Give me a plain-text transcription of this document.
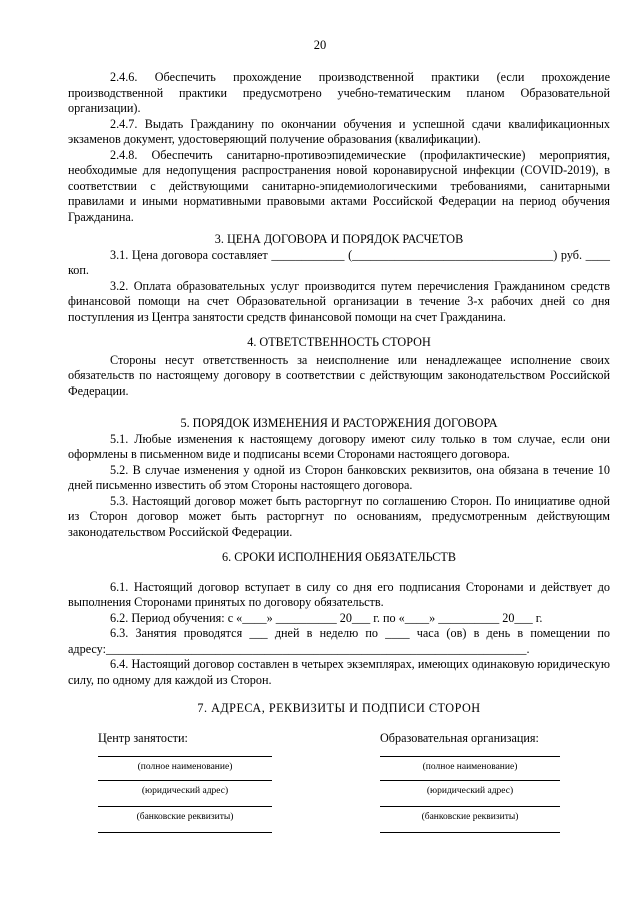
20

2.4.6. Обеспечить прохождение производственной практики (если прохождение производственной практики предусмотрено учебно-тематическим планом Образовательной организации).

2.4.7. Выдать Гражданину по окончании обучения и успешной сдачи квалификационных экзаменов документ, удостоверяющий получение образования (квалификации).

2.4.8. Обеспечить санитарно-противоэпидемические (профилактические) мероприятия, необходимые для недопущения распространения новой коронавирусной инфекции (COVID-2019), в соответствии с действующими санитарно-эпидемиологическими требованиями, санитарными правилами и иными нормативными правовыми актами Российской Федерации на период обучения Гражданина.

3. ЦЕНА ДОГОВОРА И ПОРЯДОК РАСЧЕТОВ

3.1. Цена договора составляет ____________ (_________________________________) руб. ____ коп.

3.2. Оплата образовательных услуг производится путем перечисления Гражданином средств финансовой помощи на счет Образовательной организации в течение 3-х рабочих дней со дня поступления из Центра занятости средств финансовой помощи на счет Гражданина.

4. ОТВЕТСТВЕННОСТЬ СТОРОН

Стороны несут ответственность за неисполнение или ненадлежащее исполнение своих обязательств по настоящему договору в соответствии с действующим законодательством Российской Федерации.

5. ПОРЯДОК ИЗМЕНЕНИЯ И РАСТОРЖЕНИЯ ДОГОВОРА

5.1. Любые изменения к настоящему договору имеют силу только в том случае, если они оформлены в письменном виде и подписаны всеми Сторонами настоящего договора.

5.2. В случае изменения у одной из Сторон банковских реквизитов, она обязана в течение 10 дней письменно известить об этом Стороны настоящего договора.

5.3. Настоящий договор может быть расторгнут по соглашению Сторон. По инициативе одной из Сторон договор может быть расторгнут по основаниям, предусмотренным действующим законодательством Российской Федерации.

6. СРОКИ ИСПОЛНЕНИЯ ОБЯЗАТЕЛЬСТВ

6.1. Настоящий договор вступает в силу со дня его подписания Сторонами и действует до выполнения Сторонами принятых по договору обязательств.

6.2. Период обучения: с «____» __________ 20___ г. по «____» __________ 20___ г.

6.3. Занятия проводятся ___ дней в неделю по ____ часа (ов) в день в помещении по адресу:_____________________________________________________________________.

6.4. Настоящий договор составлен в четырех экземплярах, имеющих одинаковую юридическую силу, по одному для каждой из Сторон.

7. АДРЕСА, РЕКВИЗИТЫ И ПОДПИСИ СТОРОН
Центр занятости:	Образовательная организация:
(полное наименование)
(юридический адрес)
(банковские реквизиты)
(полное наименование)
(юридический адрес)
(банковские реквизиты)
